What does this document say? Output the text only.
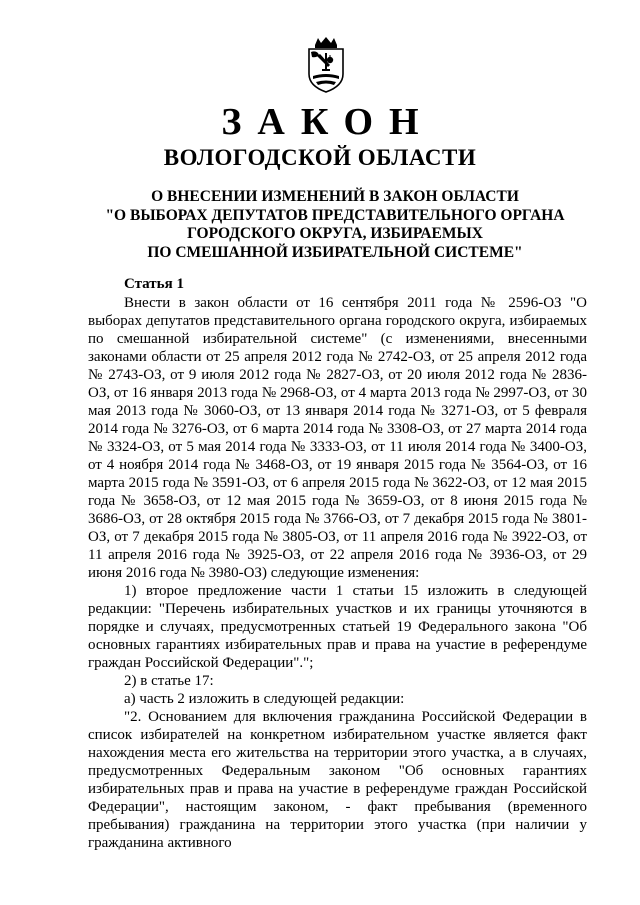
ЗАКОН
ВОЛОГОДСКОЙ ОБЛАСТИ
О ВНЕСЕНИИ ИЗМЕНЕНИЙ В ЗАКОН ОБЛАСТИ
"О ВЫБОРАХ ДЕПУТАТОВ ПРЕДСТАВИТЕЛЬНОГО ОРГАНА
ГОРОДСКОГО ОКРУГА, ИЗБИРАЕМЫХ
ПО СМЕШАННОЙ ИЗБИРАТЕЛЬНОЙ СИСТЕМЕ"
Статья 1

Внести в закон области от 16 сентября 2011 года № 2596-ОЗ "О выборах депутатов представительного органа городского округа, избираемых по смешанной избирательной системе" (с изменениями, внесенными законами области от 25 апреля 2012 года № 2742-ОЗ, от 25 апреля 2012 года № 2743-ОЗ, от 9 июля 2012 года № 2827-ОЗ, от 20 июля 2012 года № 2836-ОЗ, от 16 января 2013 года № 2968-ОЗ, от 4 марта 2013 года № 2997-ОЗ, от 30 мая 2013 года № 3060-ОЗ, от 13 января 2014 года № 3271-ОЗ, от 5 февраля 2014 года № 3276-ОЗ, от 6 марта 2014 года № 3308-ОЗ, от 27 марта 2014 года № 3324-ОЗ, от 5 мая 2014 года № 3333-ОЗ, от 11 июля 2014 года № 3400-ОЗ, от 4 ноября 2014 года № 3468-ОЗ, от 19 января 2015 года № 3564-ОЗ, от 16 марта 2015 года № 3591-ОЗ, от 6 апреля 2015 года № 3622-ОЗ, от 12 мая 2015 года № 3658-ОЗ, от 12 мая 2015 года № 3659-ОЗ, от 8 июня 2015 года № 3686-ОЗ, от 28 октября 2015 года № 3766-ОЗ, от 7 декабря 2015 года № 3801-ОЗ, от 7 декабря 2015 года № 3805-ОЗ, от 11 апреля 2016 года № 3922-ОЗ, от 11 апреля 2016 года № 3925-ОЗ, от 22 апреля 2016 года № 3936-ОЗ, от 29 июня 2016 года № 3980-ОЗ) следующие изменения:

1) второе предложение части 1 статьи 15 изложить в следующей редакции: "Перечень избирательных участков и их границы уточняются в порядке и случаях, предусмотренных статьей 19 Федерального закона "Об основных гарантиях избирательных прав и права на участие в референдуме граждан Российской Федерации".";

2) в статье 17:

а) часть 2 изложить в следующей редакции:

"2. Основанием для включения гражданина Российской Федерации в список избирателей на конкретном избирательном участке является факт нахождения места его жительства на территории этого участка, а в случаях, предусмотренных Федеральным законом "Об основных гарантиях избирательных прав и права на участие в референдуме граждан Российской Федерации", настоящим законом, - факт пребывания (временного пребывания) гражданина на территории этого участка (при наличии у гражданина активного
